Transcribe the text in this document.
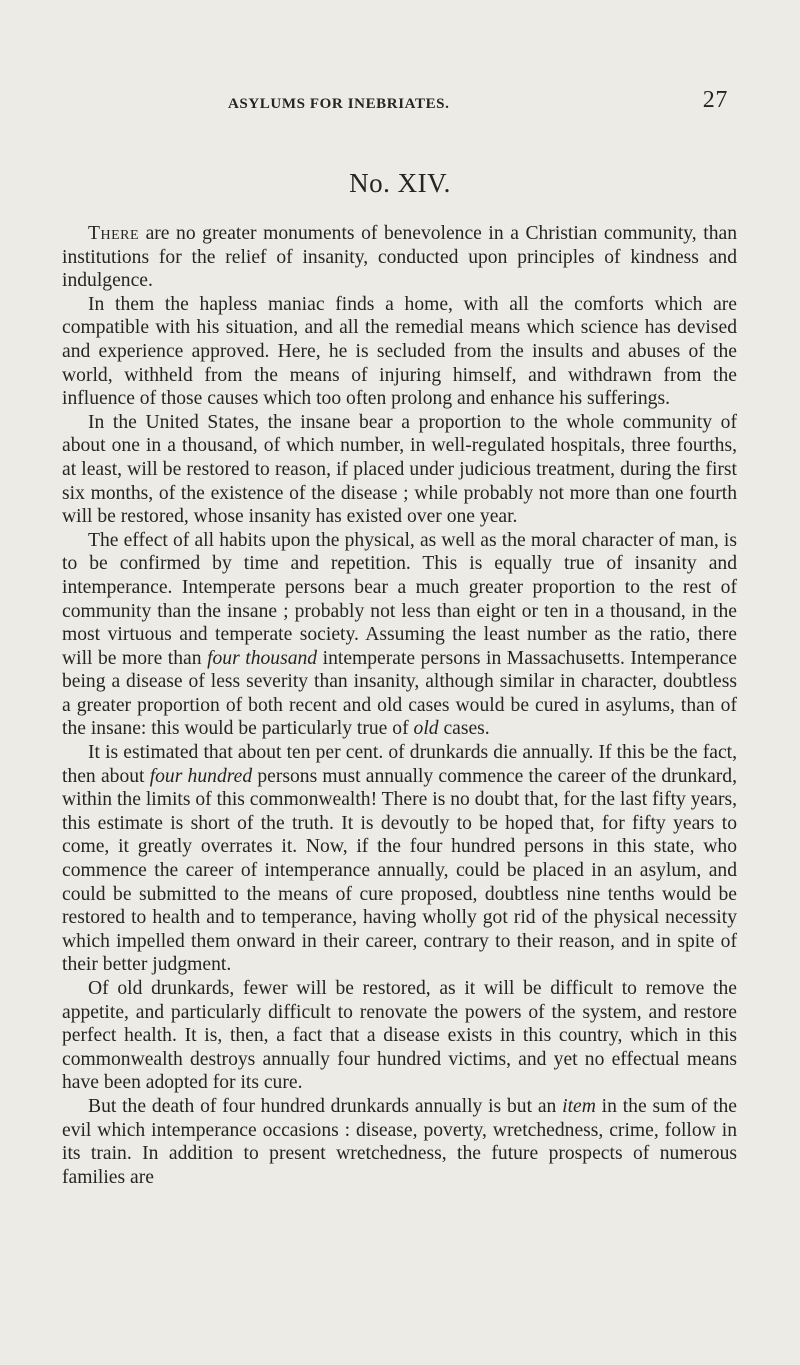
ASYLUMS FOR INEBRIATES.	27
No. XIV.

There are no greater monuments of benevolence in a Christian community, than institutions for the relief of insanity, conducted upon principles of kindness and indulgence.

In them the hapless maniac finds a home, with all the comforts which are compatible with his situation, and all the remedial means which science has devised and experience approved. Here, he is secluded from the insults and abuses of the world, withheld from the means of injuring himself, and withdrawn from the influence of those causes which too often prolong and enhance his sufferings.

In the United States, the insane bear a proportion to the whole community of about one in a thousand, of which number, in well-regulated hospitals, three fourths, at least, will be restored to reason, if placed under judicious treatment, during the first six months, of the existence of the disease ; while probably not more than one fourth will be restored, whose insanity has existed over one year.

The effect of all habits upon the physical, as well as the moral character of man, is to be confirmed by time and repetition. This is equally true of insanity and intemperance. Intemperate persons bear a much greater proportion to the rest of community than the insane ; probably not less than eight or ten in a thousand, in the most virtuous and temperate society. Assuming the least number as the ratio, there will be more than four thousand intemperate persons in Massachusetts. Intemperance being a disease of less severity than insanity, although similar in character, doubtless a greater proportion of both recent and old cases would be cured in asylums, than of the insane: this would be particularly true of old cases.

It is estimated that about ten per cent. of drunkards die annually. If this be the fact, then about four hundred persons must annually commence the career of the drunkard, within the limits of this commonwealth! There is no doubt that, for the last fifty years, this estimate is short of the truth. It is devoutly to be hoped that, for fifty years to come, it greatly overrates it. Now, if the four hundred persons in this state, who commence the career of intemperance annually, could be placed in an asylum, and could be submitted to the means of cure proposed, doubtless nine tenths would be restored to health and to temperance, having wholly got rid of the physical necessity which impelled them onward in their career, contrary to their reason, and in spite of their better judgment.

Of old drunkards, fewer will be restored, as it will be difficult to remove the appetite, and particularly difficult to renovate the powers of the system, and restore perfect health. It is, then, a fact that a disease exists in this country, which in this commonwealth destroys annually four hundred victims, and yet no effectual means have been adopted for its cure.

But the death of four hundred drunkards annually is but an item in the sum of the evil which intemperance occasions : disease, poverty, wretchedness, crime, follow in its train. In addition to present wretchedness, the future prospects of numerous families are
